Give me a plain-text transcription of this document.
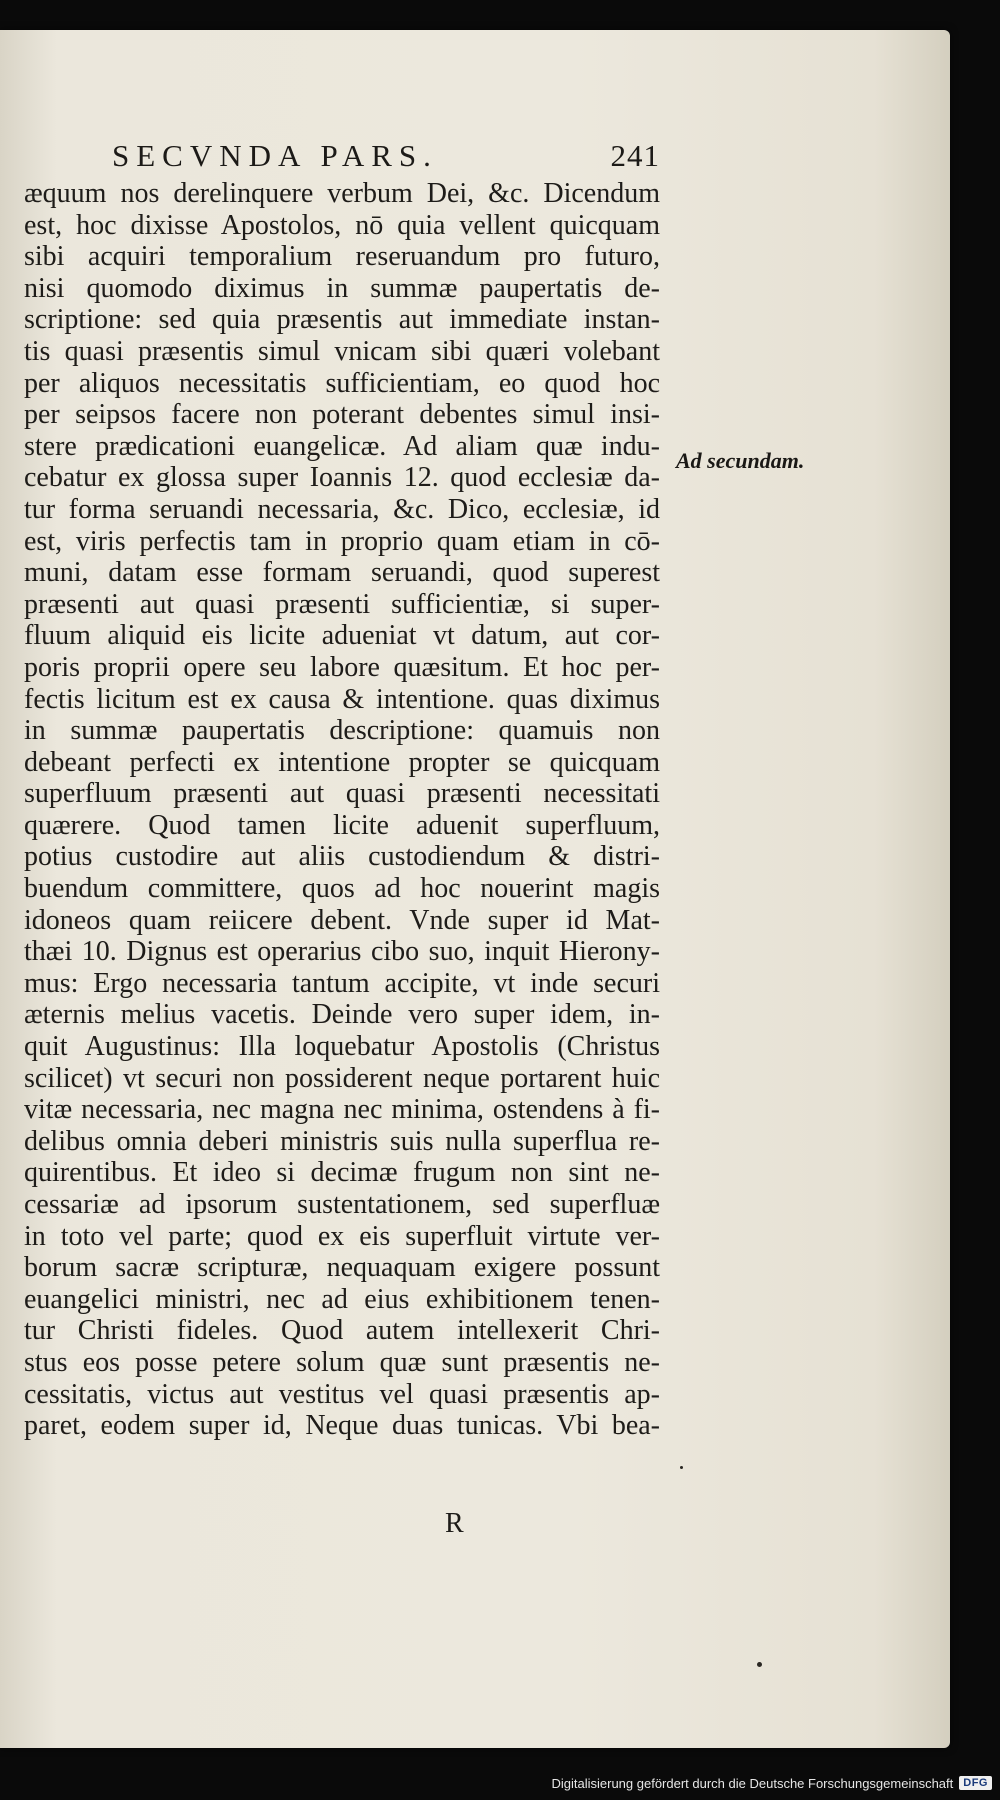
SECVNDA PARS.	241
æquum nos derelinquere verbum Dei, &c. Dicendum
est, hoc dixisse Apostolos, nō quia vellent quicquam
sibi acquiri temporalium reseruandum pro futuro,
nisi quomodo diximus in summæ paupertatis de-
scriptione: sed quia præsentis aut immediate instan-
tis quasi præsentis simul vnicam sibi quæri volebant
per aliquos necessitatis sufficientiam, eo quod hoc
per seipsos facere non poterant debentes simul insi-
stere prædicationi euangelicæ. Ad aliam quæ indu-
cebatur ex glossa super Ioannis 12. quod ecclesiæ da-
tur forma seruandi necessaria, &c. Dico, ecclesiæ, id
est, viris perfectis tam in proprio quam etiam in cō-
muni, datam esse formam seruandi, quod superest
præsenti aut quasi præsenti sufficientiæ, si super-
fluum aliquid eis licite adueniat vt datum, aut cor-
poris proprii opere seu labore quæsitum. Et hoc per-
fectis licitum est ex causa & intentione. quas diximus
in summæ paupertatis descriptione: quamuis non
debeant perfecti ex intentione propter se quicquam
superfluum præsenti aut quasi præsenti necessitati
quærere. Quod tamen licite aduenit superfluum,
potius custodire aut aliis custodiendum & distri-
buendum committere, quos ad hoc nouerint magis
idoneos quam reiicere debent. Vnde super id Mat-
thæi 10. Dignus est operarius cibo suo, inquit Hierony-
mus: Ergo necessaria tantum accipite, vt inde securi
æternis melius vacetis. Deinde vero super idem, in-
quit Augustinus: Illa loquebatur Apostolis (Christus
scilicet) vt securi non possiderent neque portarent huic
vitæ necessaria, nec magna nec minima, ostendens à fi-
delibus omnia deberi ministris suis nulla superflua re-
quirentibus. Et ideo si decimæ frugum non sint ne-
cessariæ ad ipsorum sustentationem, sed superfluæ
in toto vel parte; quod ex eis superfluit virtute ver-
borum sacræ scripturæ, nequaquam exigere possunt
euangelici ministri, nec ad eius exhibitionem tenen-
tur Christi fideles. Quod autem intellexerit Chri-
stus eos posse petere solum quæ sunt præsentis ne-
cessitatis, victus aut vestitus vel quasi præsentis ap-
paret, eodem super id, Neque duas tunicas. Vbi bea-
Ad secundam.
R
Digitalisierung gefördert durch die Deutsche Forschungsgemeinschaft DFG
